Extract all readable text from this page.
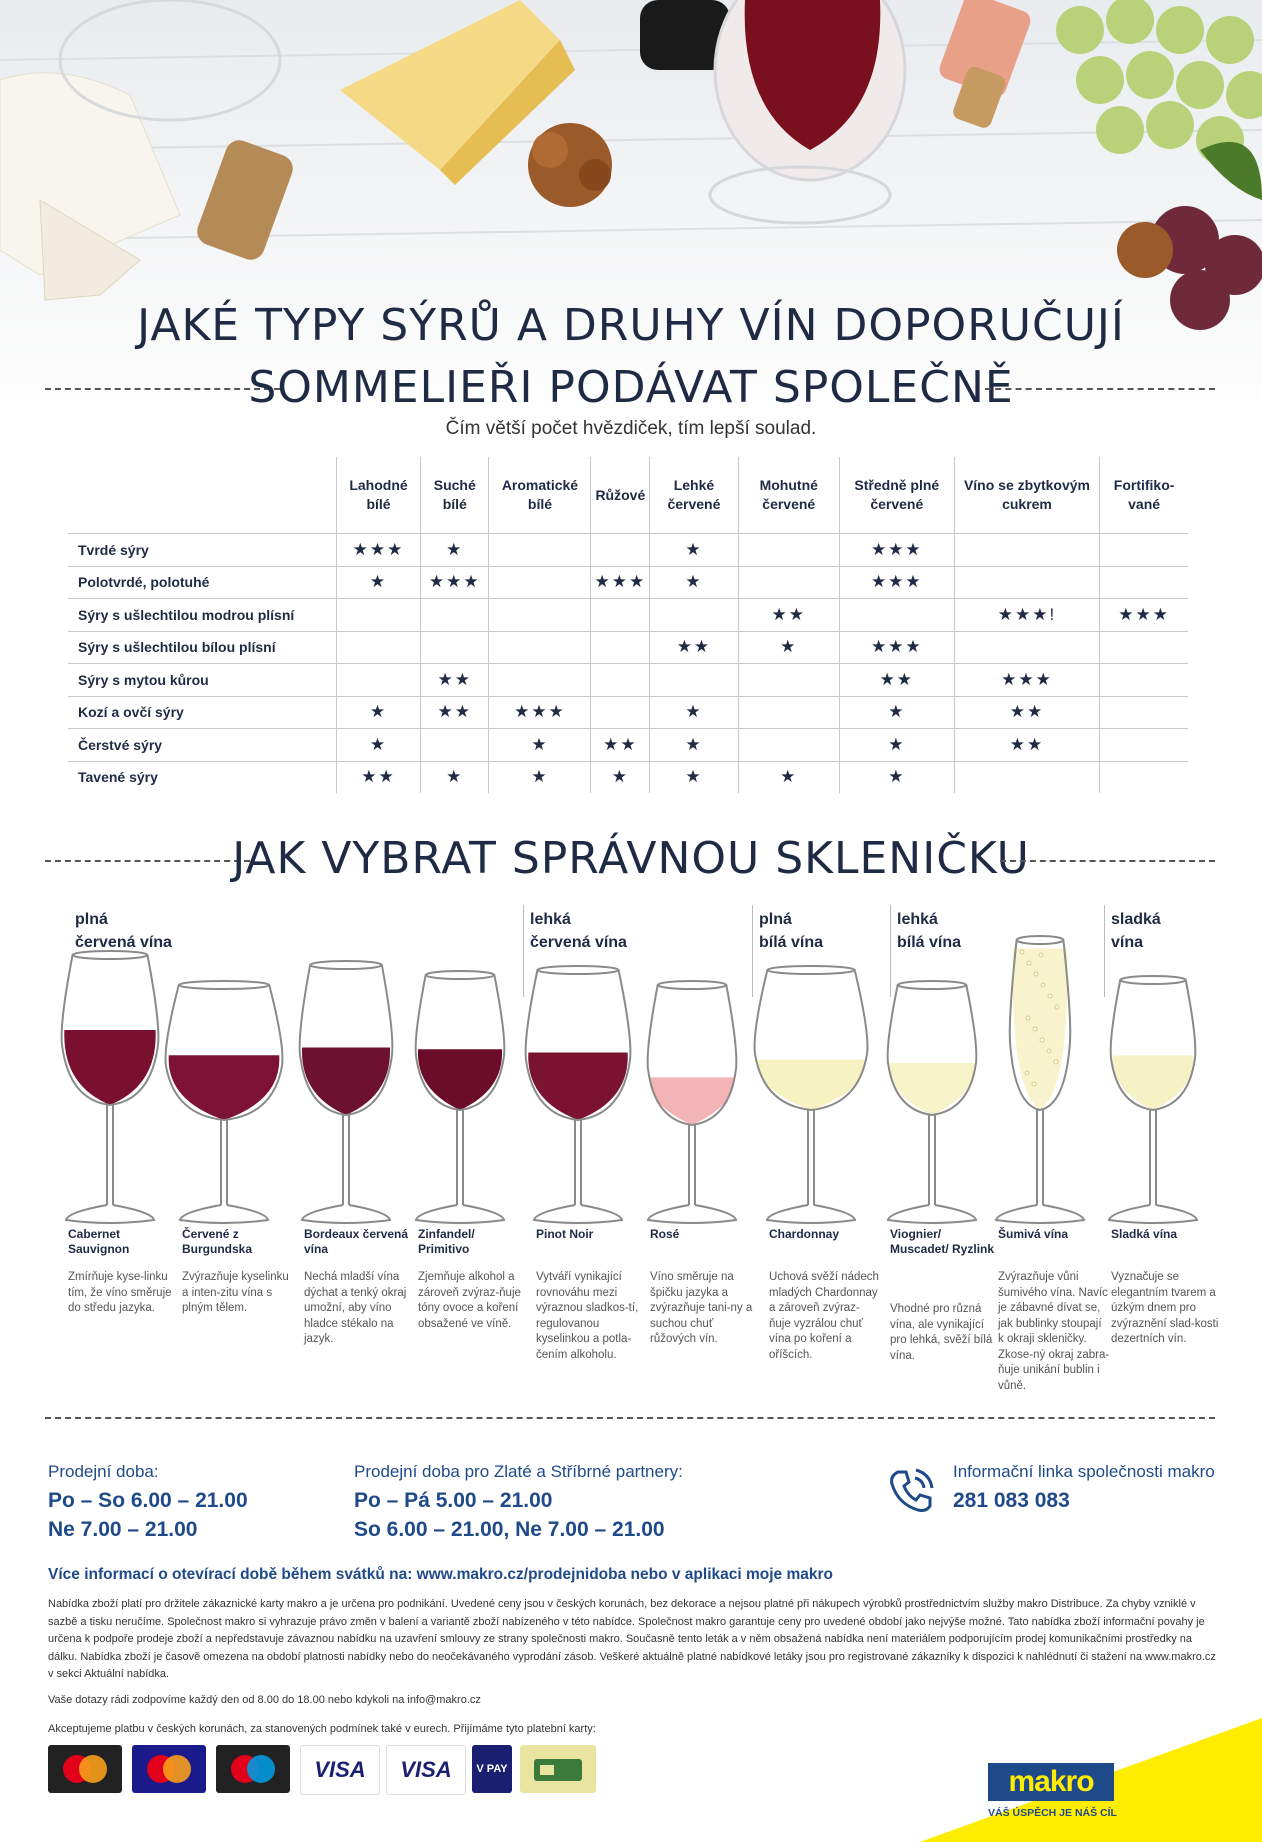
JAKÉ TYPY SÝRŮ A DRUHY VÍN DOPORUČUJÍ
SOMMELIEŘI PODÁVAT SPOLEČNĚ
Čím větší počet hvězdiček, tím lepší soulad.
	Lahodné bílé	Suché bílé	Aromatické bílé	Růžové	Lehké červené	Mohutné červené	Středně plné červené	Víno se zbytkovým cukrem	Fortifiko-vané
Tvrdé sýry	★★★	★			★		★★★		
Polotvrdé, polotuhé	★	★★★		★★★	★		★★★		
Sýry s ušlechtilou modrou plísní						★★		★★★!	★★★
Sýry s ušlechtilou bílou plísní					★★	★	★★★		
Sýry s mytou kůrou		★★					★★	★★★	
Kozí a ovčí sýry	★	★★	★★★		★		★	★★	
Čerstvé sýry	★		★	★★	★		★	★★	
Tavené sýry	★★	★	★	★	★	★	★		
JAK VYBRAT SPRÁVNOU SKLENIČKU
plná
červená vína
lehká
červená vína
plná
bílá vína
lehká
bílá vína
sladká
vína
Cabernet Sauvignon
Zmírňuje kyse-linku tím, že víno směruje do středu jazyka.
Červené z Burgundska
Zvýrazňuje kyselinku a inten-zitu vína s plným tělem.
Bordeaux červená vína
Nechá mladší vína dýchat a tenký okraj umožní, aby víno hladce stékalo na jazyk.
Zinfandel/ Primitivo
Zjemňuje alkohol a zároveň zvýraz-ňuje tóny ovoce a koření obsažené ve víně.
Pinot Noir
Vytváří vynikající rovnováhu mezi výraznou sladkos-tí, regulovanou kyselinkou a potla-čením alkoholu.
Rosé
Víno směruje na špičku jazyka a zvýrazňuje tani-ny a suchou chuť růžových vín.
Chardonnay
Uchová svěží nádech mladých Chardonnay a zároveň zvýraz-ňuje vyzrálou chuť vína po koření a oříšcích.
Viognier/ Muscadet/ Ryzlink
Vhodné pro různá vína, ale vynikající pro lehká, svěží bílá vína.
Šumivá vína
Zvýrazňuje vůni šumivého vína. Navíc je zábavné dívat se, jak bublinky stoupají k okraji skleničky. Zkose-ný okraj zabra-ňuje unikání bublin i vůně.
Sladká vína
Vyznačuje se elegantním tvarem a úzkým dnem pro zvýraznění slad-kosti dezertních vín.
Prodejní doba:
Po – So 6.00 – 21.00
Ne 7.00 – 21.00
Prodejní doba pro Zlaté a Stříbrné partnery:
Po – Pá 5.00 – 21.00
So 6.00 – 21.00, Ne 7.00 – 21.00
Informační linka společnosti makro
281 083 083
Více informací o otevírací době během svátků na: www.makro.cz/prodejnidoba nebo v aplikaci moje makro
Nabídka zboží platí pro držitele zákaznické karty makro a je určena pro podnikání. Uvedené ceny jsou v českých korunách, bez dekorace a nejsou platné při nákupech výrobků prostřednictvím služby makro Distribuce. Za chyby vzniklé v sazbě a tisku neručíme. Společnost makro si vyhrazuje právo změn v balení a variantě zboží nabízeného v této nabídce. Společnost makro garantuje ceny pro uvedené období jako nejvýše možné. Tato nabídka zboží informační povahy je určena k podpoře prodeje zboží a nepředstavuje závaznou nabídku na uzavření smlouvy ze strany společnosti makro. Současně tento leták a v něm obsažená nabídka není materiálem podporujícím prodej komunikačními prostředky na dálku. Nabídka zboží je časově omezena na období platnosti nabídky nebo do neočekávaného vyprodání zásob. Veškeré aktuálně platné nabídkové letáky jsou pro registrované zákazníky k dispozici k nahlédnutí či stažení na www.makro.cz v sekci Aktuální nabídka.
Vaše dotazy rádi zodpovíme každý den od 8.00 do 18.00 nebo kdykoli na info@makro.cz
Akceptujeme platbu v českých korunách, za stanovených podmínek také v eurech. Přijímáme tyto platební karty:
VISA	VISA	V PAY	makro
VÁŠ ÚSPĚCH JE NÁŠ CÍL
